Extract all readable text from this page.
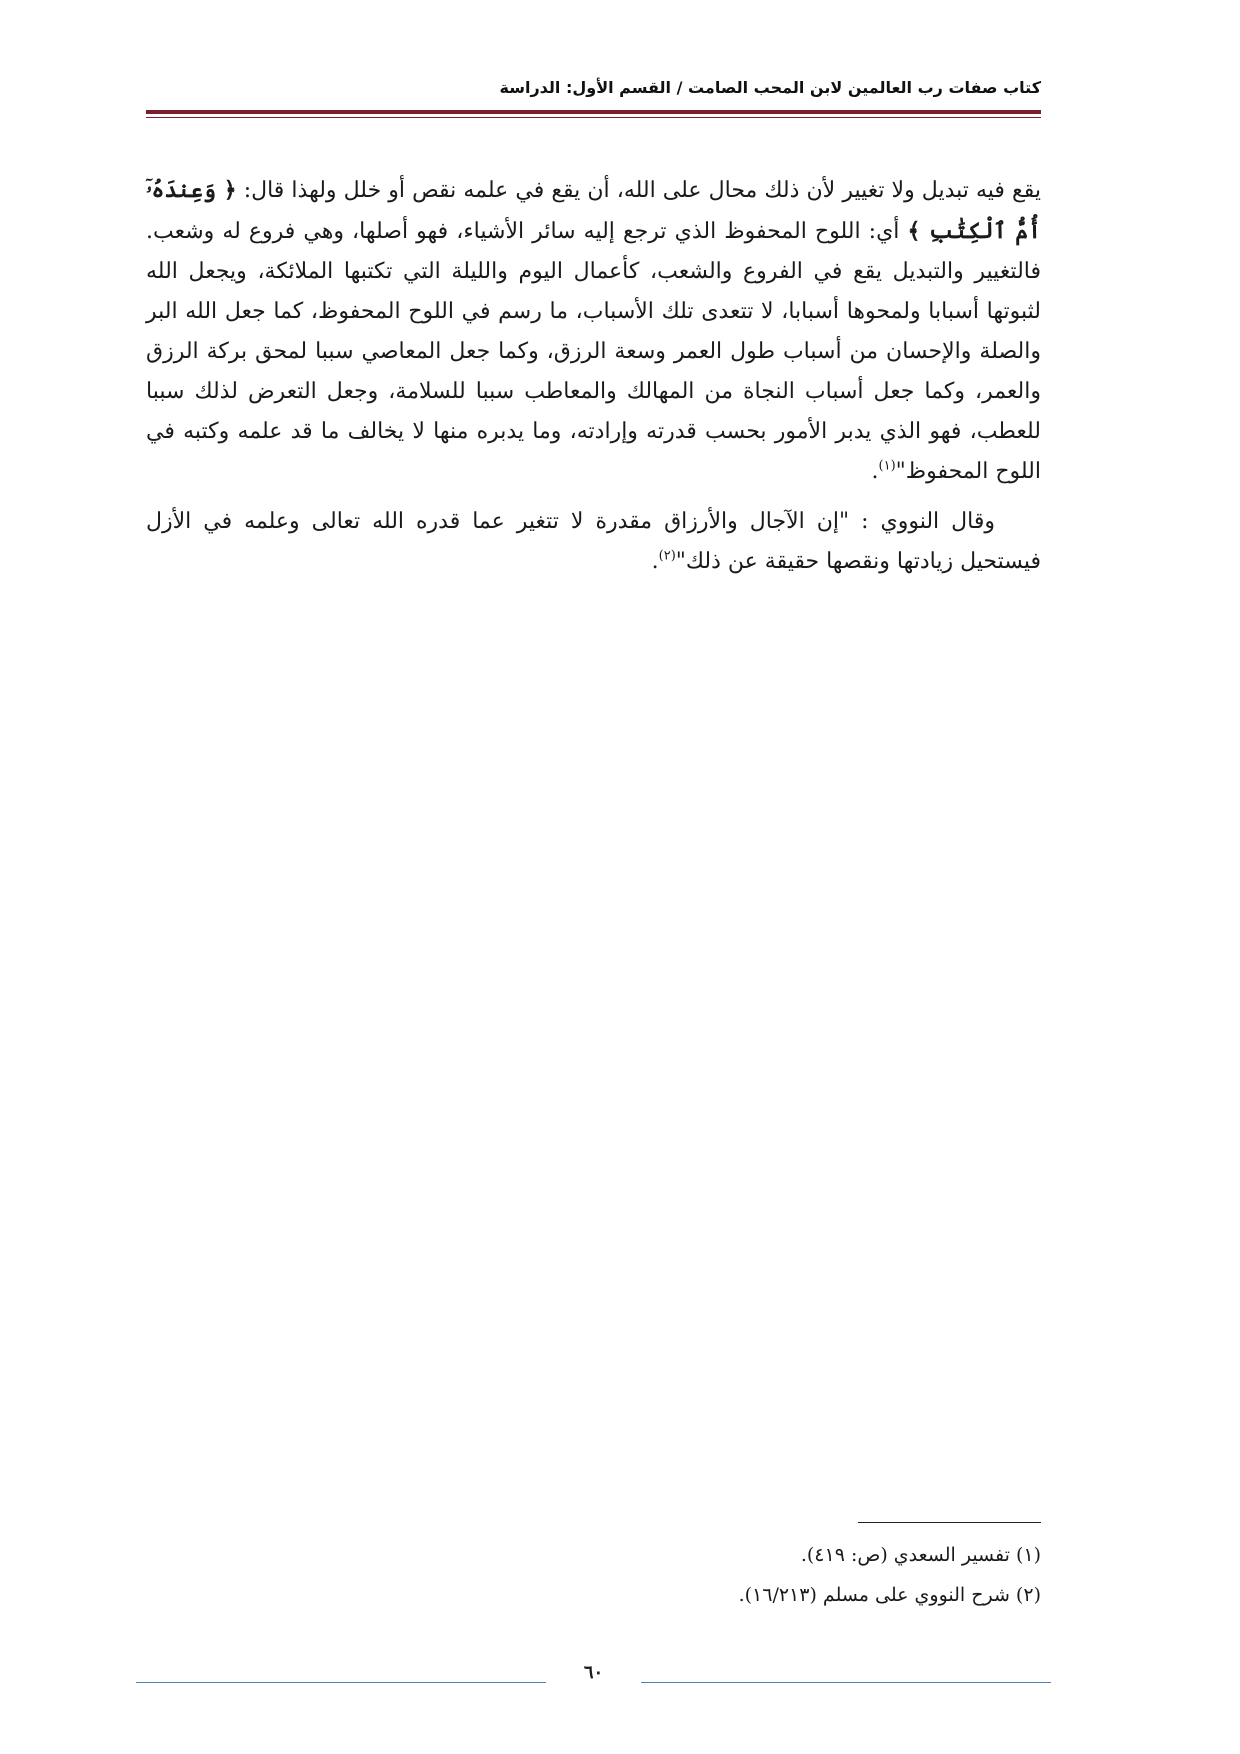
كتاب صفات رب العالمين لابن المحب الصامت / القسم الأول: الدراسة

يقع فيه تبديل ولا تغيير لأن ذلك محال على الله، أن يقع في علمه نقص أو خلل ولهذا قال: ﴿ وَعِندَهُۥٓ أُمُّ ٱلْكِتَٰبِ ﴾ أي: اللوح المحفوظ الذي ترجع إليه سائر الأشياء، فهو أصلها، وهي فروع له وشعب. فالتغيير والتبديل يقع في الفروع والشعب، كأعمال اليوم والليلة التي تكتبها الملائكة، ويجعل الله لثبوتها أسبابا ولمحوها أسبابا، لا تتعدى تلك الأسباب، ما رسم في اللوح المحفوظ، كما جعل الله البر والصلة والإحسان من أسباب طول العمر وسعة الرزق، وكما جعل المعاصي سببا لمحق بركة الرزق والعمر، وكما جعل أسباب النجاة من المهالك والمعاطب سببا للسلامة، وجعل التعرض لذلك سببا للعطب، فهو الذي يدبر الأمور بحسب قدرته وإرادته، وما يدبره منها لا يخالف ما قد علمه وكتبه في اللوح المحفوظ"$^{(١)}$.

وقال النووي : "إن الآجال والأرزاق مقدرة لا تتغير عما قدره الله تعالى وعلمه في الأزل فيستحيل زيادتها ونقصها حقيقة عن ذلك"$^{(٢)}$.

(١) تفسير السعدي (ص: ٤١٩).
(٢) شرح النووي على مسلم (١٦/٢١٣).
٦٠
